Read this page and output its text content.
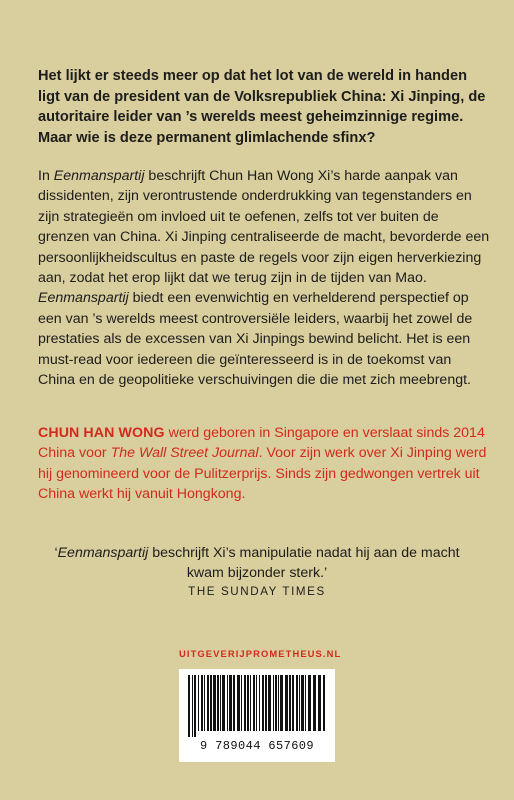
Het lijkt er steeds meer op dat het lot van de wereld in handen ligt van de president van de Volksrepubliek China: Xi Jinping, de autoritaire leider van ’s werelds meest geheimzinnige regime. Maar wie is deze permanent glimlachende sfinx?

In Eenmanspartij beschrijft Chun Han Wong Xi’s harde aanpak van dissidenten, zijn verontrustende onderdrukking van tegenstanders en zijn strategieën om invloed uit te oefenen, zelfs tot ver buiten de grenzen van China. Xi Jinping centraliseerde de macht, bevorderde een persoonlijkheidscultus en paste de regels voor zijn eigen herverkiezing aan, zodat het erop lijkt dat we terug zijn in de tijden van Mao. Eenmanspartij biedt een evenwichtig en verhelderend perspectief op een van ’s werelds meest controversiële leiders, waarbij het zowel de prestaties als de excessen van Xi Jinpings bewind belicht. Het is een must-read voor iedereen die geïnteresseerd is in de toekomst van China en de geopolitieke verschuivingen die die met zich meebrengt.

CHUN HAN WONG werd geboren in Singapore en verslaat sinds 2014 China voor The Wall Street Journal. Voor zijn werk over Xi Jinping werd hij genomineerd voor de Pulitzerprijs. Sinds zijn gedwongen vertrek uit China werkt hij vanuit Hongkong.

‘Eenmanspartij beschrijft Xi’s manipulatie nadat hij aan de macht kwam bijzonder sterk.’

THE SUNDAY TIMES
UITGEVERIJPROMETHEUS.NL
9 789044 657609
